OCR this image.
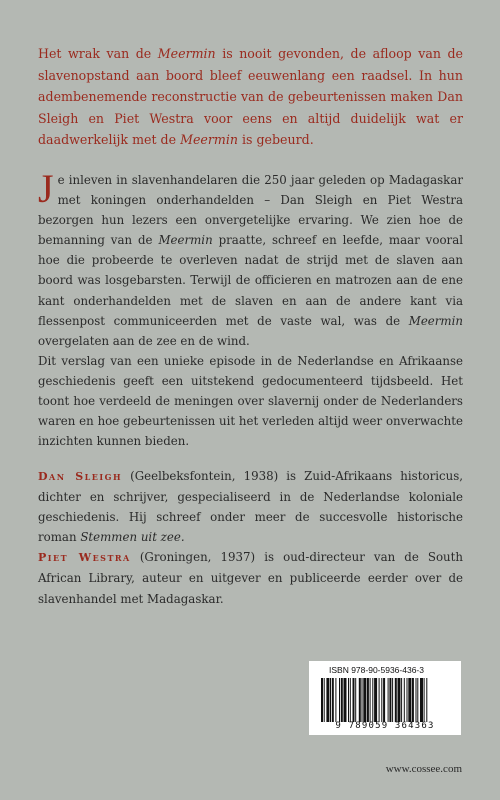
Het wrak van de Meermin is nooit gevonden, de afloop van de slavenopstand aan boord bleef eeuwenlang een raadsel. In hun adembenemende reconstructie van de gebeurtenissen maken Dan Sleigh en Piet Westra voor eens en altijd duidelijk wat er daadwerkelijk met de Meermin is gebeurd.

Je inleven in slavenhandelaren die 250 jaar geleden op Madagaskar met koningen onderhandelden – Dan Sleigh en Piet Westra bezorgen hun lezers een onvergetelijke ervaring. We zien hoe de bemanning van de Meermin praatte, schreef en leefde, maar vooral hoe die probeerde te overleven nadat de strijd met de slaven aan boord was losgebarsten. Terwijl de officieren en matrozen aan de ene kant onderhandelden met de slaven en aan de andere kant via flessenpost communiceerden met de vaste wal, was de Meermin overgelaten aan de zee en de wind.

Dit verslag van een unieke episode in de Nederlandse en Afrikaanse geschiedenis geeft een uitstekend gedocumenteerd tijdsbeeld. Het toont hoe verdeeld de meningen over slavernij onder de Nederlanders waren en hoe gebeurtenissen uit het verleden altijd weer onverwachte inzichten kunnen bieden.

Dan Sleigh (Geelbeksfontein, 1938) is Zuid-Afrikaans historicus, dichter en schrijver, gespecialiseerd in de Nederlandse koloniale geschiedenis. Hij schreef onder meer de succesvolle historische roman Stemmen uit zee.

Piet Westra (Groningen, 1937) is oud-directeur van de South African Library, auteur en uitgever en publiceerde eerder over de slavenhandel met Madagaskar.

ISBN 978-90-5936-436-3
9 789059 364363
www.cossee.com
